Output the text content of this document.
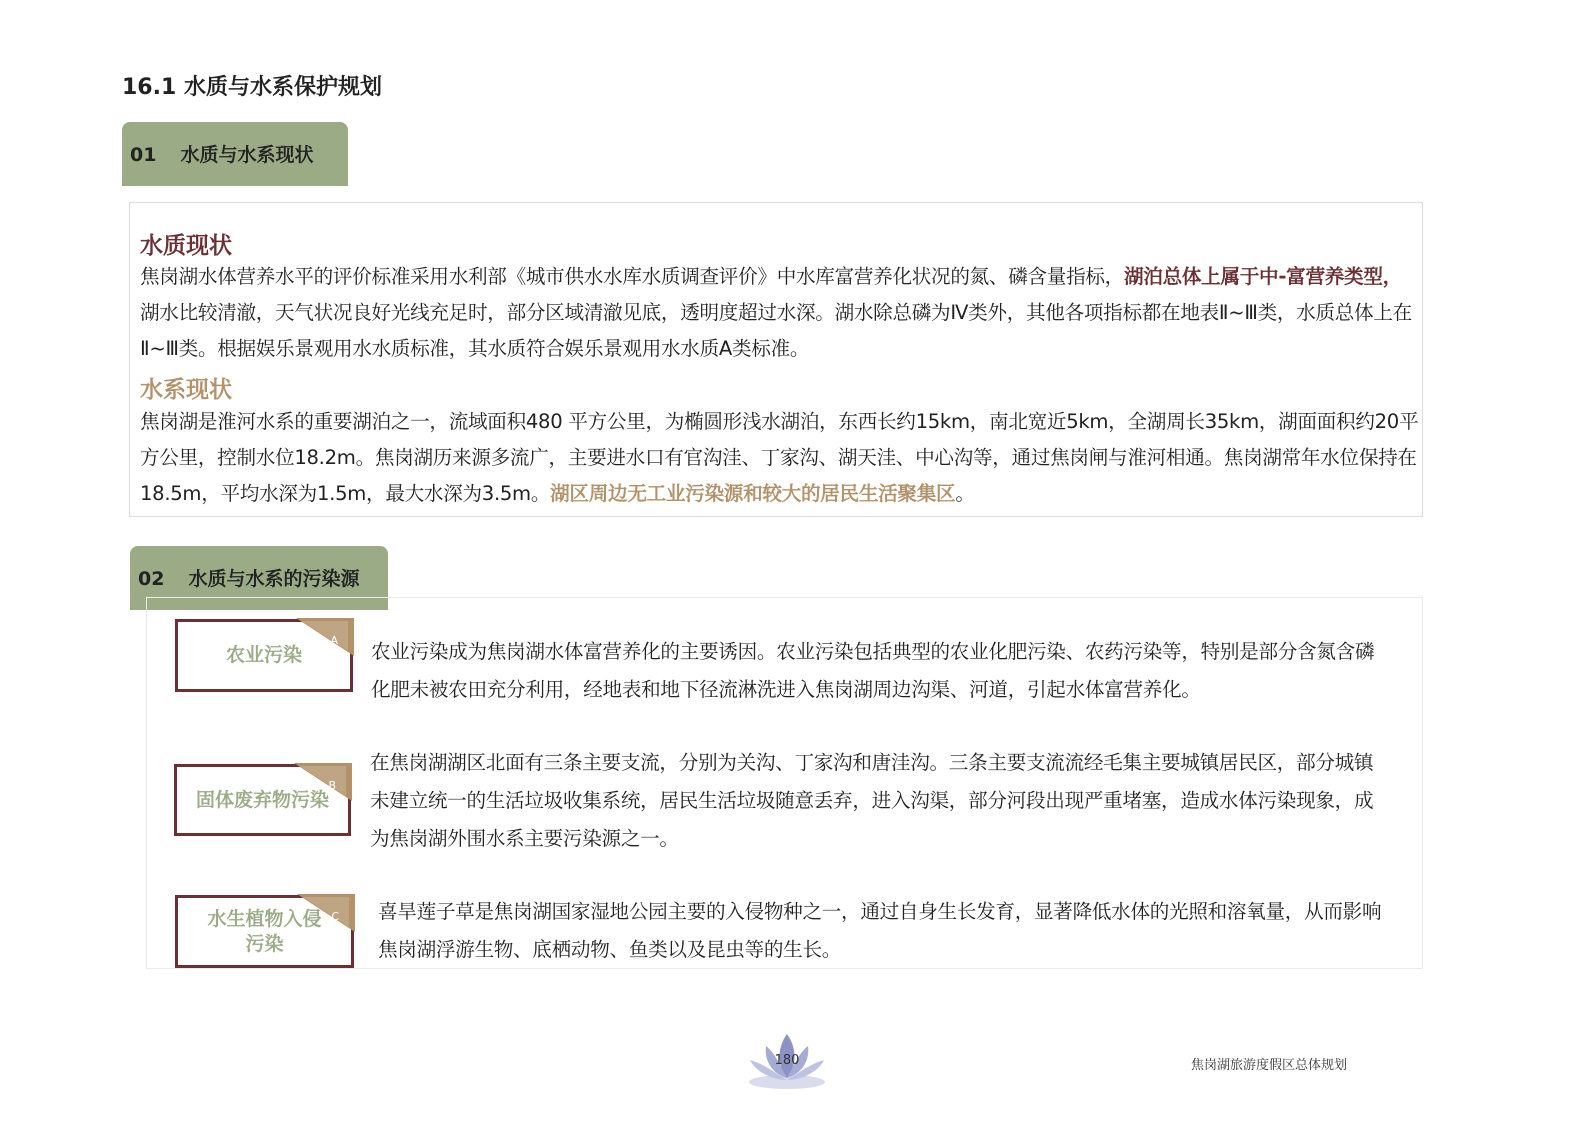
16.1 水质与水系保护规划
01 水质与水系现状
水质现状
焦岗湖水体营养水平的评价标准采用水利部《城市供水水库水质调查评价》中水库富营养化状况的氮、磷含量指标，湖泊总体上属于中-富营养类型，湖水比较清澈，天气状况良好光线充足时，部分区域清澈见底，透明度超过水深。湖水除总磷为Ⅳ类外，其他各项指标都在地表Ⅱ~Ⅲ类，水质总体上在Ⅱ~Ⅲ类。根据娱乐景观用水水质标准，其水质符合娱乐景观用水水质A类标准。
水系现状
焦岗湖是淮河水系的重要湖泊之一，流域面积480 平方公里，为椭圆形浅水湖泊，东西长约15km，南北宽近5km，全湖周长35km，湖面面积约20平方公里，控制水位18.2m。焦岗湖历来源多流广，主要进水口有官沟洼、丁家沟、湖天洼、中心沟等，通过焦岗闸与淮河相通。焦岗湖常年水位保持在18.5m，平均水深为1.5m，最大水深为3.5m。湖区周边无工业污染源和较大的居民生活聚集区。
02 水质与水系的污染源
农业污染
A 农业污染成为焦岗湖水体富营养化的主要诱因。农业污染包括典型的农业化肥污染、农药污染等，特别是部分含氮含磷化肥未被农田充分利用，经地表和地下径流淋洗进入焦岗湖周边沟渠、河道，引起水体富营养化。
固体废弃物污染
B
在焦岗湖湖区北面有三条主要支流，分别为关沟、丁家沟和唐洼沟。三条主要支流流经毛集主要城镇居民区，部分城镇未建立统一的生活垃圾收集系统，居民生活垃圾随意丢弃，进入沟渠，部分河段出现严重堵塞，造成水体污染现象，成为焦岗湖外围水系主要污染源之一。
水生植物入侵污染
C 喜旱莲子草是焦岗湖国家湿地公园主要的入侵物种之一，通过自身生长发育，显著降低水体的光照和溶氧量，从而影响焦岗湖浮游生物、底栖动物、鱼类以及昆虫等的生长。
180	焦岗湖旅游度假区总体规划
